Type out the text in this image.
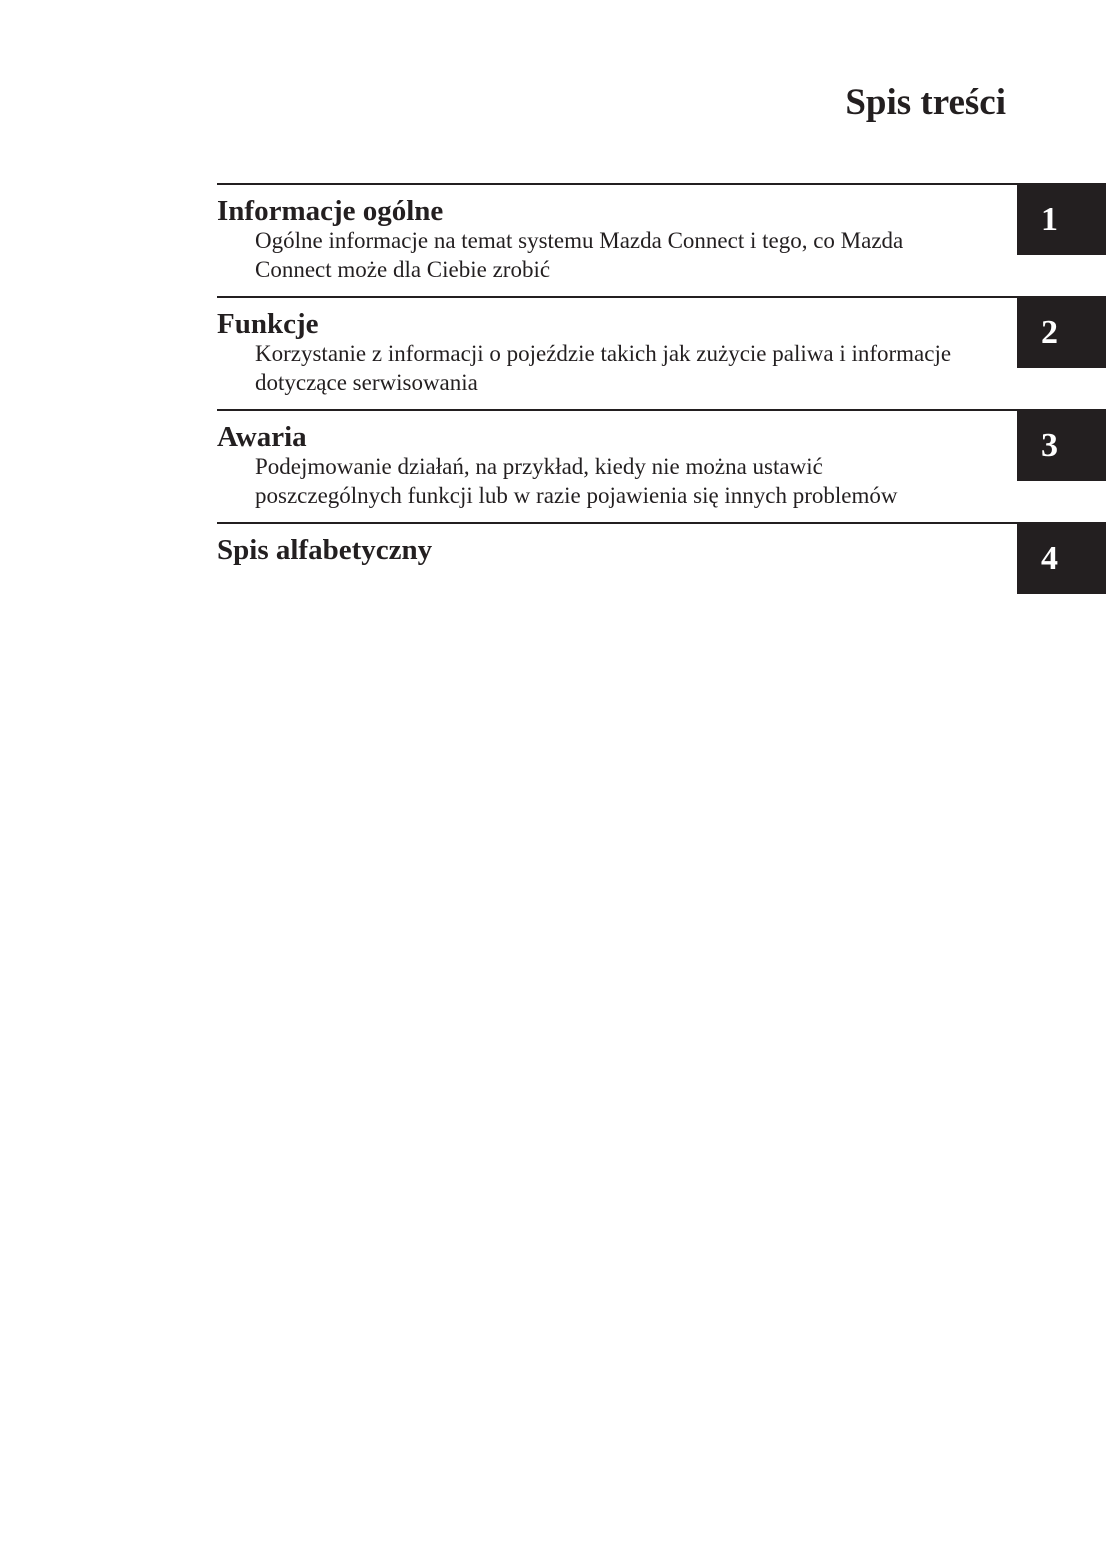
Spis treści
Informacje ogólne
Ogólne informacje na temat systemu Mazda Connect i tego, co Mazda
Connect może dla Ciebie zrobić
1
Funkcje
Korzystanie z informacji o pojeździe takich jak zużycie paliwa i informacje
dotyczące serwisowania
2
Awaria
Podejmowanie działań, na przykład, kiedy nie można ustawić
poszczególnych funkcji lub w razie pojawienia się innych problemów
3
Spis alfabetyczny	4
